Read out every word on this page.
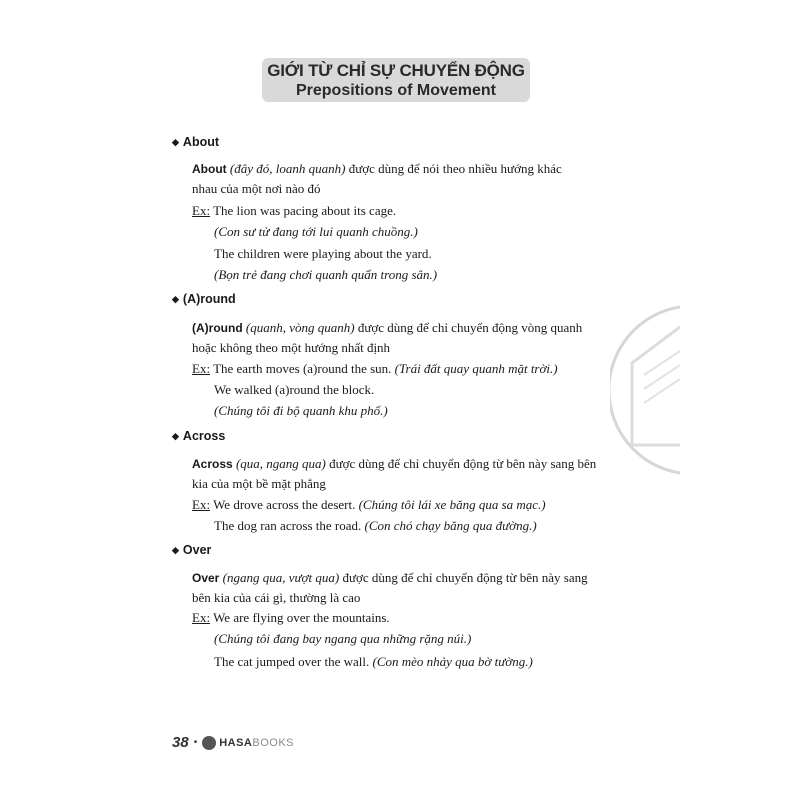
GIỚI TỪ CHỈ SỰ CHUYỂN ĐỘNG
Prepositions of Movement
◆ About
About (đây đó, loanh quanh) được dùng để nói theo nhiều hướng khác
nhau của một nơi nào đó
Ex: The lion was pacing about its cage.
(Con sư tử đang tới lui quanh chuồng.)
The children were playing about the yard.
(Bọn trẻ đang chơi quanh quẩn trong sân.)
◆ (A)round
(A)round (quanh, vòng quanh) được dùng để chỉ chuyển động vòng quanh
hoặc không theo một hướng nhất định
Ex: The earth moves (a)round the sun. (Trái đất quay quanh mặt trời.)
We walked (a)round the block.
(Chúng tôi đi bộ quanh khu phố.)
◆ Across
Across (qua, ngang qua) được dùng để chỉ chuyển động từ bên này sang bên
kia của một bề mặt phẳng
Ex: We drove across the desert. (Chúng tôi lái xe băng qua sa mạc.)
The dog ran across the road. (Con chó chạy băng qua đường.)
◆ Over
Over (ngang qua, vượt qua) được dùng để chỉ chuyển động từ bên này sang
bên kia của cái gì, thường là cao
Ex: We are flying over the mountains.
(Chúng tôi đang bay ngang qua những rặng núi.)
The cat jumped over the wall. (Con mèo nhảy qua bờ tường.)
38 • HASABOOKS
